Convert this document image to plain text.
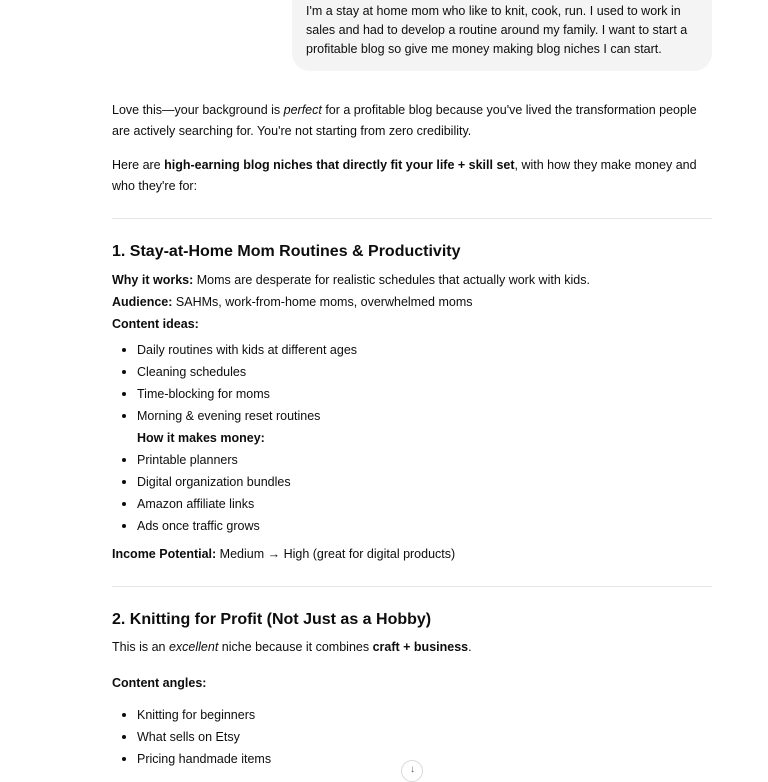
I'm a stay at home mom who like to knit, cook, run. I used to work in sales and had to develop a routine around my family. I want to start a profitable blog so give me money making blog niches I can start.

Love this—your background is perfect for a profitable blog because you've lived the transformation people are actively searching for. You're not starting from zero credibility.

Here are high-earning blog niches that directly fit your life + skill set, with how they make money and who they're for:

1. Stay-at-Home Mom Routines & Productivity
Why it works: Moms are desperate for realistic schedules that actually work with kids.
Audience: SAHMs, work-from-home moms, overwhelmed moms
Content ideas:
Daily routines with kids at different ages
Cleaning schedules
Time-blocking for moms
Morning & evening reset routines
How it makes money:
Printable planners
Digital organization bundles
Amazon affiliate links
Ads once traffic grows
Income Potential: Medium → High (great for digital products)
2. Knitting for Profit (Not Just as a Hobby)

This is an excellent niche because it combines craft + business.

Content angles:
Knitting for beginners
What sells on Etsy
Pricing handmade items
↓
